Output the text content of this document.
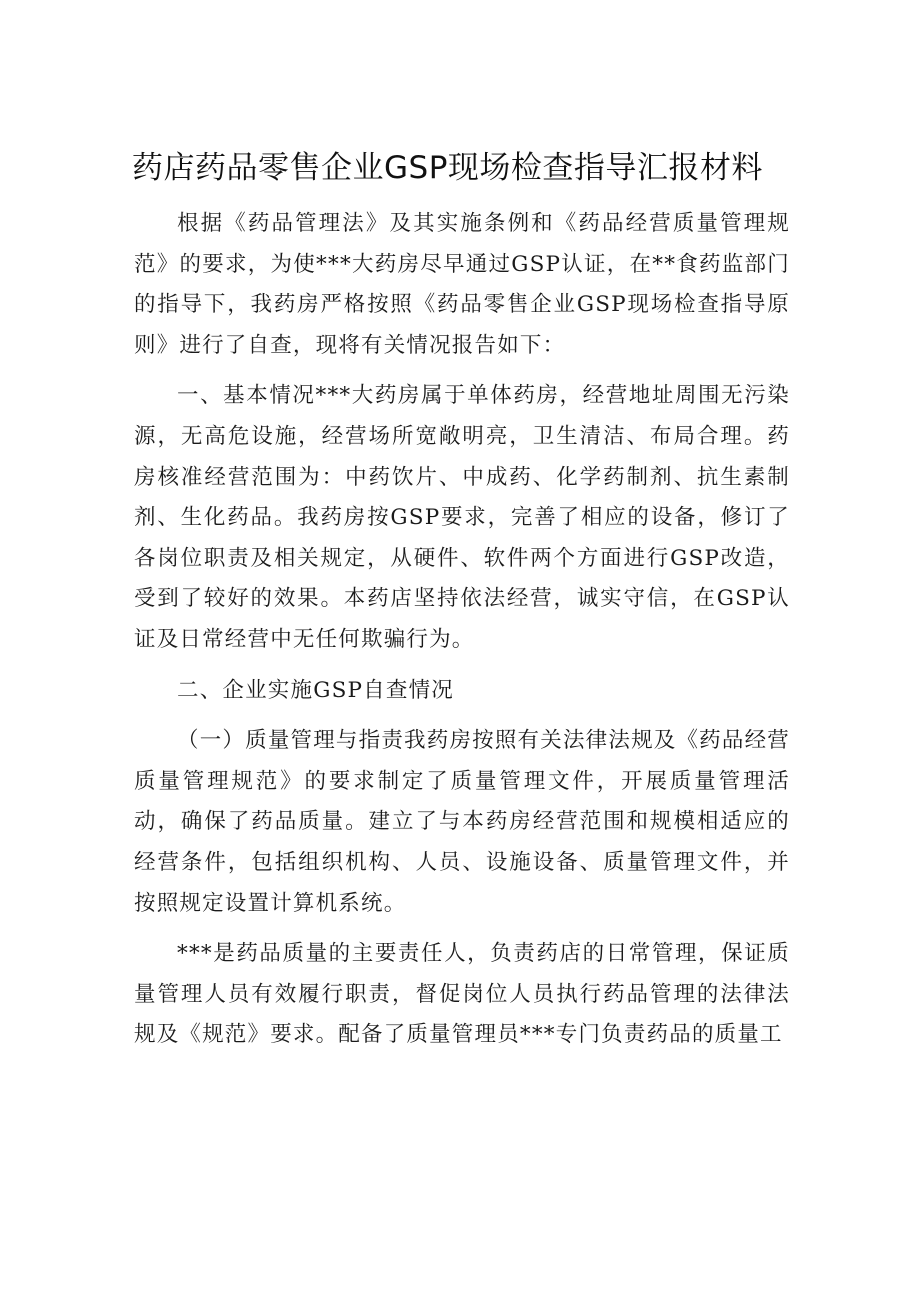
药店药品零售企业GSP现场检查指导汇报材料

根据《药品管理法》及其实施条例和《药品经营质量管理规范》的要求，为使***大药房尽早通过GSP认证，在**食药监部门的指导下，我药房严格按照《药品零售企业GSP现场检查指导原则》进行了自查，现将有关情况报告如下：

一、基本情况***大药房属于单体药房，经营地址周围无污染源，无高危设施，经营场所宽敞明亮，卫生清洁、布局合理。药房核准经营范围为：中药饮片、中成药、化学药制剂、抗生素制剂、生化药品。我药房按GSP要求，完善了相应的设备，修订了各岗位职责及相关规定，从硬件、软件两个方面进行GSP改造，受到了较好的效果。本药店坚持依法经营，诚实守信，在GSP认证及日常经营中无任何欺骗行为。

二、企业实施GSP自查情况

（一）质量管理与指责我药房按照有关法律法规及《药品经营质量管理规范》的要求制定了质量管理文件，开展质量管理活动，确保了药品质量。建立了与本药房经营范围和规模相适应的经营条件，包括组织机构、人员、设施设备、质量管理文件，并按照规定设置计算机系统。

***是药品质量的主要责任人，负责药店的日常管理，保证质量管理人员有效履行职责，督促岗位人员执行药品管理的法律法规及《规范》要求。配备了质量管理员***专门负责药品的质量工
